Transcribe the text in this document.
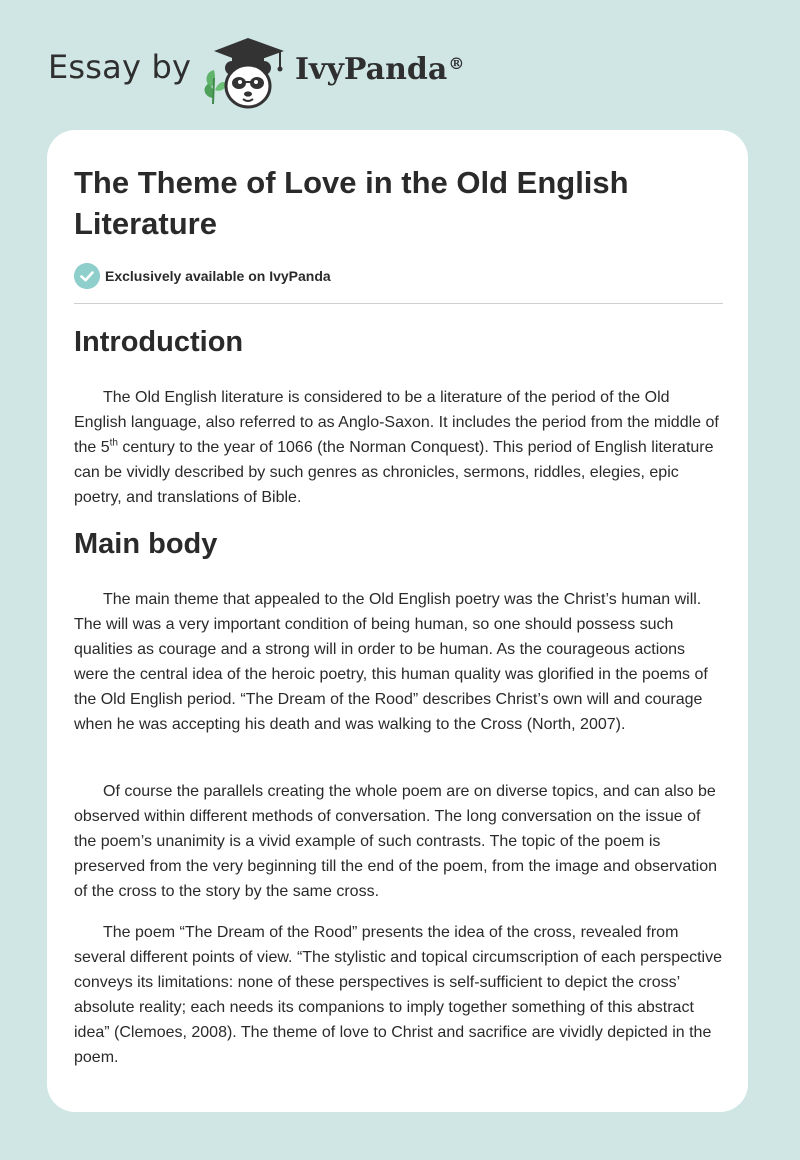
Essay by	IvyPanda®
The Theme of Love in the Old English Literature
Exclusively available on IvyPanda
Introduction

The Old English literature is considered to be a literature of the period of the Old English language, also referred to as Anglo-Saxon. It includes the period from the middle of the 5th century to the year of 1066 (the Norman Conquest). This period of English literature can be vividly described by such genres as chronicles, sermons, riddles, elegies, epic poetry, and translations of Bible.

Main body

The main theme that appealed to the Old English poetry was the Christ’s human will. The will was a very important condition of being human, so one should possess such qualities as courage and a strong will in order to be human. As the courageous actions were the central idea of the heroic poetry, this human quality was glorified in the poems of the Old English period. “The Dream of the Rood” describes Christ’s own will and courage when he was accepting his death and was walking to the Cross (North, 2007).

Of course the parallels creating the whole poem are on diverse topics, and can also be observed within different methods of conversation. The long conversation on the issue of the poem’s unanimity is a vivid example of such contrasts. The topic of the poem is preserved from the very beginning till the end of the poem, from the image and observation of the cross to the story by the same cross.

The poem “The Dream of the Rood” presents the idea of the cross, revealed from several different points of view. “The stylistic and topical circumscription of each perspective conveys its limitations: none of these perspectives is self-sufficient to depict the cross’ absolute reality; each needs its companions to imply together something of this abstract idea” (Clemoes, 2008). The theme of love to Christ and sacrifice are vividly depicted in the poem.
